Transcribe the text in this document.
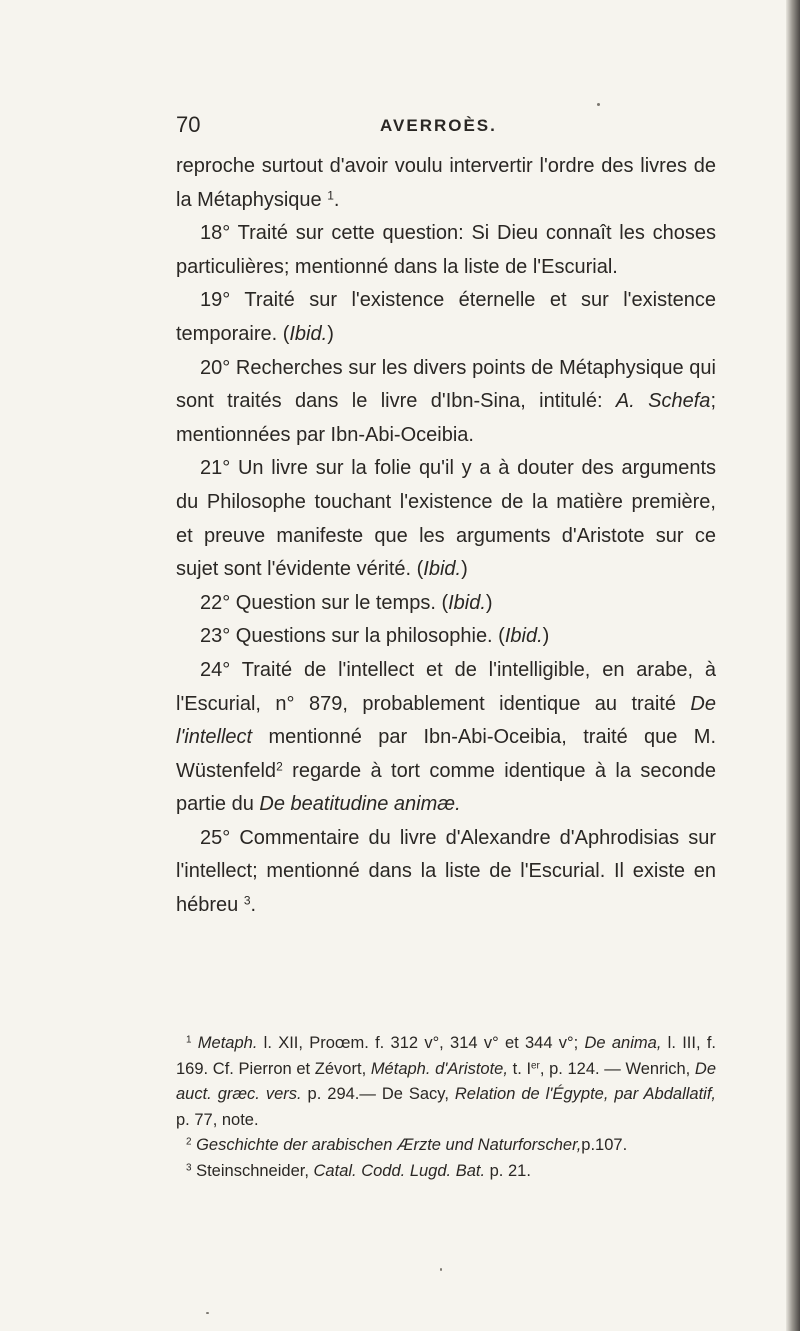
70	AVERROÈS.

reproche surtout d'avoir voulu intervertir l'ordre des livres de la Métaphysique $^1$.

18° Traité sur cette question: Si Dieu connaît les choses particulières; mentionné dans la liste de l'Escurial.

19° Traité sur l'existence éternelle et sur l'existence temporaire. (Ibid.)

20° Recherches sur les divers points de Métaphysique qui sont traités dans le livre d'Ibn-Sina, intitulé: A. Schefa; mentionnées par Ibn-Abi-Oceibia.

21° Un livre sur la folie qu'il y a à douter des arguments du Philosophe touchant l'existence de la matière première, et preuve manifeste que les arguments d'Aristote sur ce sujet sont l'évidente vérité. (Ibid.)

22° Question sur le temps. (Ibid.)

23° Questions sur la philosophie. (Ibid.)

24° Traité de l'intellect et de l'intelligible, en arabe, à l'Escurial, n° 879, probablement identique au traité De l'intellect mentionné par Ibn-Abi-Oceibia, traité que M. Wüstenfeld$^2$ regarde à tort comme identique à la seconde partie du De beatitudine animæ.

25° Commentaire du livre d'Alexandre d'Aphrodisias sur l'intellect; mentionné dans la liste de l'Escurial. Il existe en hébreu $^3$.

$^1$ Metaph. l. XII, Proœm. f. 312 v°, 314 v° et 344 v°; De anima, l. III, f. 169. Cf. Pierron et Zévort, Métaph. d'Aristote, t. Ier, p. 124. — Wenrich, De auct. græc. vers. p. 294.— De Sacy, Relation de l'Égypte, par Abdallatif, p. 77, note.

$^2$ Geschichte der arabischen Ærzte und Naturforscher,p.107.

$^3$ Steinschneider, Catal. Codd. Lugd. Bat. p. 21.
